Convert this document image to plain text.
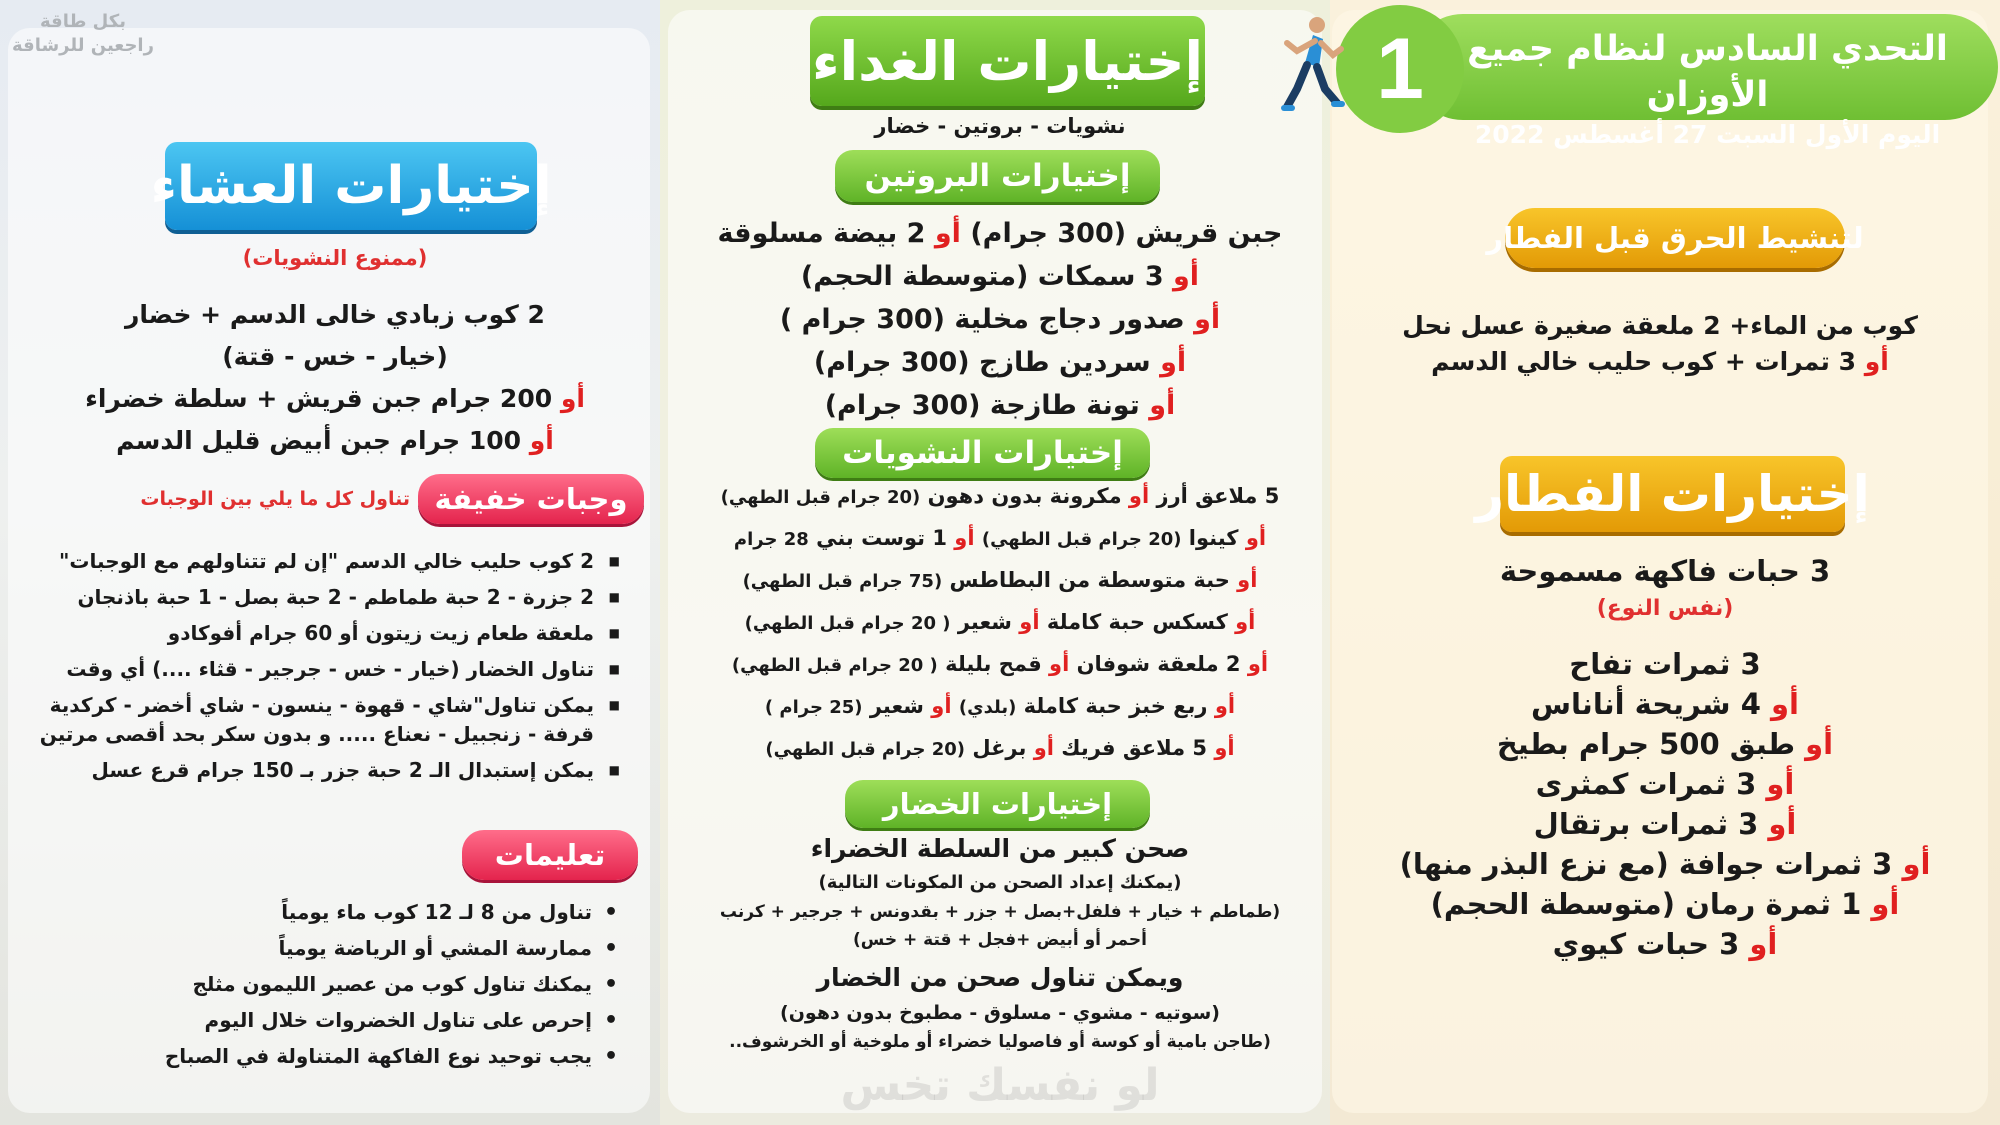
بكل طاقة
راجعين للرشاقة	1	التحدي السادس لنظام جميع الأوزان
اليوم الأول السبت 27 أغسطس 2022
لتنشيط الحرق قبل الفطار
كوب من الماء+ 2 ملعقة صغيرة عسل نحل
أو 3 تمرات + كوب حليب خالي الدسم
إختيارات الفطار
3 حبات فاكهة مسموحة
(نفس النوع)
3 ثمرات تفاح
أو 4 شريحة أناناس
أو طبق 500 جرام بطيخ
أو 3 ثمرات كمثرى
أو 3 ثمرات برتقال
أو 3 ثمرات جوافة (مع نزع البذر منها)
أو 1 ثمرة رمان (متوسطة الحجم)
أو 3 حبات كيوي
إختيارات الغداء
نشويات - بروتين - خضار
إختيارات البروتين
جبن قريش (300 جرام) أو 2 بيضة مسلوقة
أو 3 سمكات (متوسطة الحجم)
أو صدور دجاج مخلية (300 جرام )
أو سردين طازج (300 جرام)
أو تونة طازجة (300 جرام)
إختيارات النشويات
5 ملاعق أرز أو مكرونة بدون دهون (20 جرام قبل الطهي)
أو كينوا (20 جرام قبل الطهي) أو 1 توست بني 28 جرام
أو حبة متوسطة من البطاطس (75 جرام قبل الطهي)
أو كسكس حبة كاملة أو شعير ( 20 جرام قبل الطهي)
أو 2 ملعقة شوفان أو قمح بليلة ( 20 جرام قبل الطهي)
أو ربع خبز حبة كاملة (بلدي) أو شعير (25 جرام )
أو 5 ملاعق فريك أو برغل (20 جرام قبل الطهي)
إختيارات الخضار
صحن كبير من السلطة الخضراء
(يمكنك إعداد الصحن من المكونات التالية)
(طماطم + خيار + فلفل+بصل + جزر + بقدونس + جرجير + كرنب
أحمر أو أبيض +فجل + قتة + خس)
ويمكن تناول صحن من الخضار
(سوتيه - مشوي - مسلوق - مطبوخ بدون دهون)
(طاجن بامية أو كوسة أو فاصوليا خضراء أو ملوخية أو الخرشوف..
لو نفسك تخس
إختيارات العشاء
(ممنوع النشويات)
2 كوب زبادي خالى الدسم + خضار
(خيار - خس - قتة)
أو 200 جرام جبن قريش + سلطة خضراء
أو 100 جرام جبن أبيض قليل الدسم
وجبات خفيفة
تناول كل ما يلي بين الوجبات
■ 2 كوب حليب خالي الدسم "إن لم تتناولهم مع الوجبات"
■ 2 جزرة - 2 حبة طماطم - 2 حبة بصل - 1 حبة باذنجان
■ ملعقة طعام زيت زيتون أو 60 جرام أفوكادو
■ تناول الخضار (خيار - خس - جرجير - قثاء ....) أي وقت
■ يمكن تناول"شاي - قهوة - ينسون - شاي أخضر - كركدية قرفة - زنجبيل - نعناع ..... و بدون سكر بحد أقصى مرتين
■ يمكن إستبدال الـ 2 حبة جزر بـ 150 جرام قرع عسل
تعليمات
• تناول من 8 لـ 12 كوب ماء يومياً
• ممارسة المشي أو الرياضة يومياً
• يمكنك تناول كوب من عصير الليمون مثلج
• إحرص على تناول الخضروات خلال اليوم
• يجب توحيد نوع الفاكهة المتناولة في الصباح
